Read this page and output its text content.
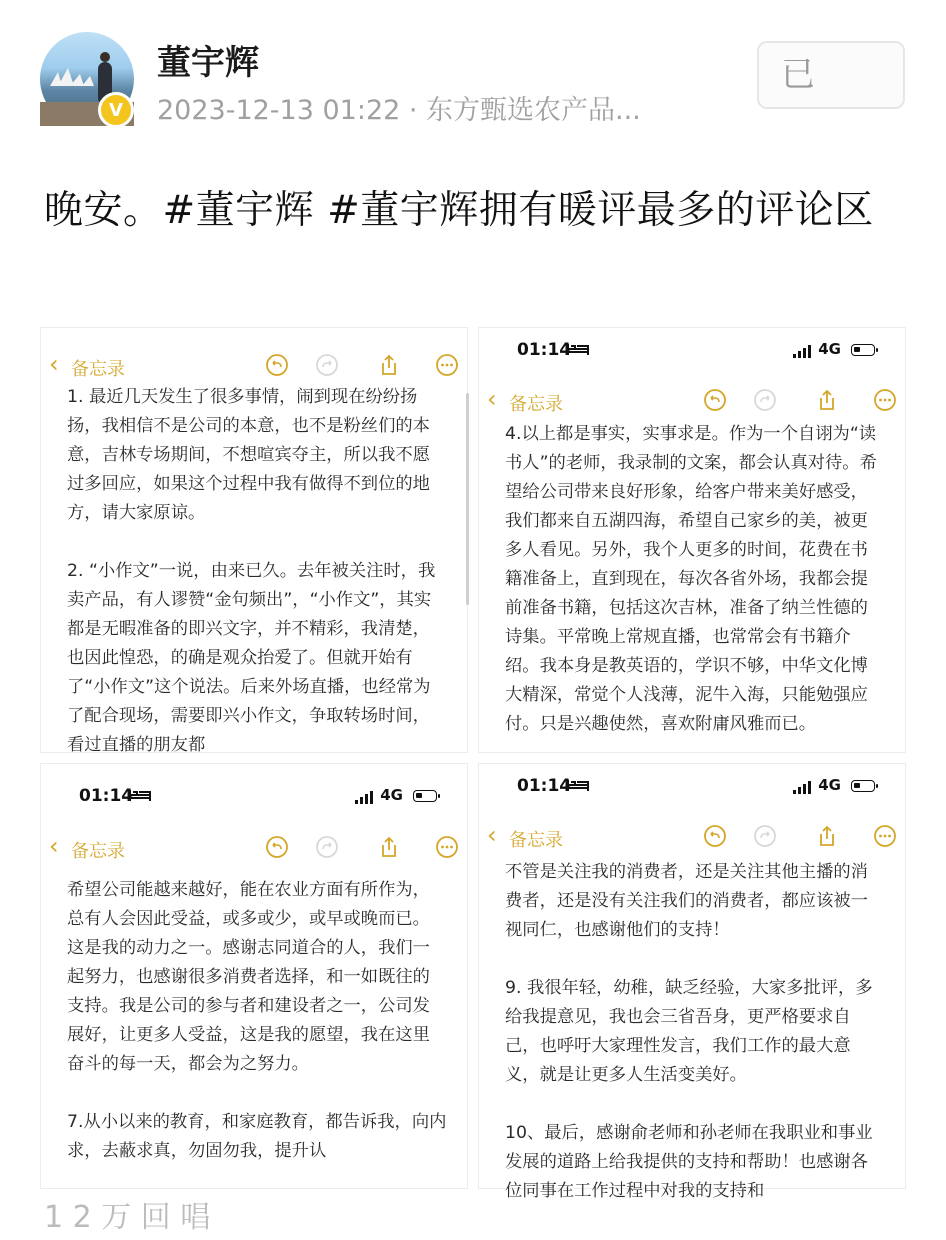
V
董宇辉
2023-12-13 01:22 · 东方甄选农产品...
已
晚安。#董宇辉 #董宇辉拥有暖评最多的评论区
‹ 备忘录
1. 最近几天发生了很多事情，闹到现在纷纷扬扬，我相信不是公司的本意，也不是粉丝们的本意，吉林专场期间，不想喧宾夺主，所以我不愿过多回应，如果这个过程中我有做得不到位的地方，请大家原谅。

2. “小作文”一说，由来已久。去年被关注时，我卖产品，有人谬赞“金句频出”，“小作文”，其实都是无暇准备的即兴文字，并不精彩，我清楚，也因此惶恐，的确是观众抬爱了。但就开始有了“小作文”这个说法。后来外场直播，也经常为了配合现场，需要即兴小作文，争取转场时间，看过直播的朋友都
01:14	4G
‹ 备忘录
4.以上都是事实，实事求是。作为一个自诩为“读书人”的老师，我录制的文案，都会认真对待。希望给公司带来良好形象，给客户带来美好感受，我们都来自五湖四海，希望自己家乡的美，被更多人看见。另外，我个人更多的时间，花费在书籍准备上，直到现在，每次各省外场，我都会提前准备书籍，包括这次吉林，准备了纳兰性德的诗集。平常晚上常规直播，也常常会有书籍介绍。我本身是教英语的，学识不够，中华文化博大精深，常觉个人浅薄，泥牛入海，只能勉强应付。只是兴趣使然，喜欢附庸风雅而已。
01:14	4G
‹ 备忘录
希望公司能越来越好，能在农业方面有所作为，总有人会因此受益，或多或少，或早或晚而已。这是我的动力之一。感谢志同道合的人，我们一起努力，也感谢很多消费者选择，和一如既往的支持。我是公司的参与者和建设者之一，公司发展好，让更多人受益，这是我的愿望，我在这里奋斗的每一天，都会为之努力。

7.从小以来的教育，和家庭教育，都告诉我，向内求，去蔽求真，勿固勿我，提升认
01:14	4G
‹ 备忘录
不管是关注我的消费者，还是关注其他主播的消费者，还是没有关注我们的消费者，都应该被一视同仁，也感谢他们的支持！

9. 我很年轻，幼稚，缺乏经验，大家多批评，多给我提意见，我也会三省吾身，更严格要求自己，也呼吁大家理性发言，我们工作的最大意义，就是让更多人生活变美好。

10、最后，感谢俞老师和孙老师在我职业和事业发展的道路上给我提供的支持和帮助！也感谢各位同事在工作过程中对我的支持和
1 2 万 回 唱
